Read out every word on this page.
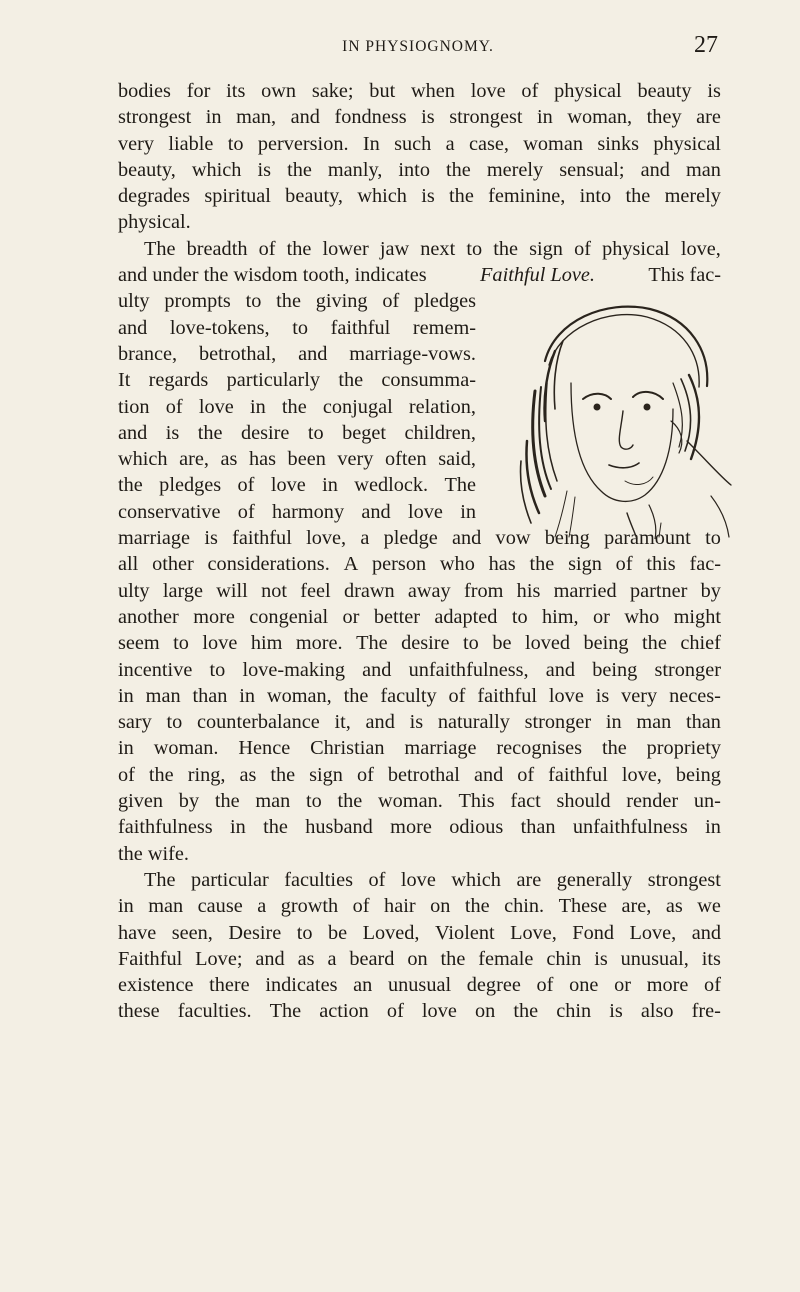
IN PHYSIOGNOMY.	27
bodies for its own sake; but when love of physical beauty is
strongest in man, and fondness is strongest in woman, they are
very liable to perversion. In such a case, woman sinks physical
beauty, which is the manly, into the merely sensual; and man
degrades spiritual beauty, which is the feminine, into the merely
physical.
The breadth of the lower jaw next to the sign of physical love,
and under the wisdom tooth, indicates	Faithful Love.	This fac-
ulty prompts to the giving of pledges
and love-tokens, to faithful remem-
brance, betrothal, and marriage-vows.
It regards particularly the consumma-
tion of love in the conjugal relation,
and is the desire to beget children,
which are, as has been very often said,
the pledges of love in wedlock. The
conservative of harmony and love in
marriage is faithful love, a pledge and vow being paramount to
all other considerations. A person who has the sign of this fac-
ulty large will not feel drawn away from his married partner by
another more congenial or better adapted to him, or who might
seem to love him more. The desire to be loved being the chief
incentive to love-making and unfaithfulness, and being stronger
in man than in woman, the faculty of faithful love is very neces-
sary to counterbalance it, and is naturally stronger in man than
in woman. Hence Christian marriage recognises the propriety
of the ring, as the sign of betrothal and of faithful love, being
given by the man to the woman. This fact should render un-
faithfulness in the husband more odious than unfaithfulness in
the wife.
The particular faculties of love which are generally strongest
in man cause a growth of hair on the chin. These are, as we
have seen, Desire to be Loved, Violent Love, Fond Love, and
Faithful Love; and as a beard on the female chin is unusual, its
existence there indicates an unusual degree of one or more of
these faculties. The action of love on the chin is also fre-
